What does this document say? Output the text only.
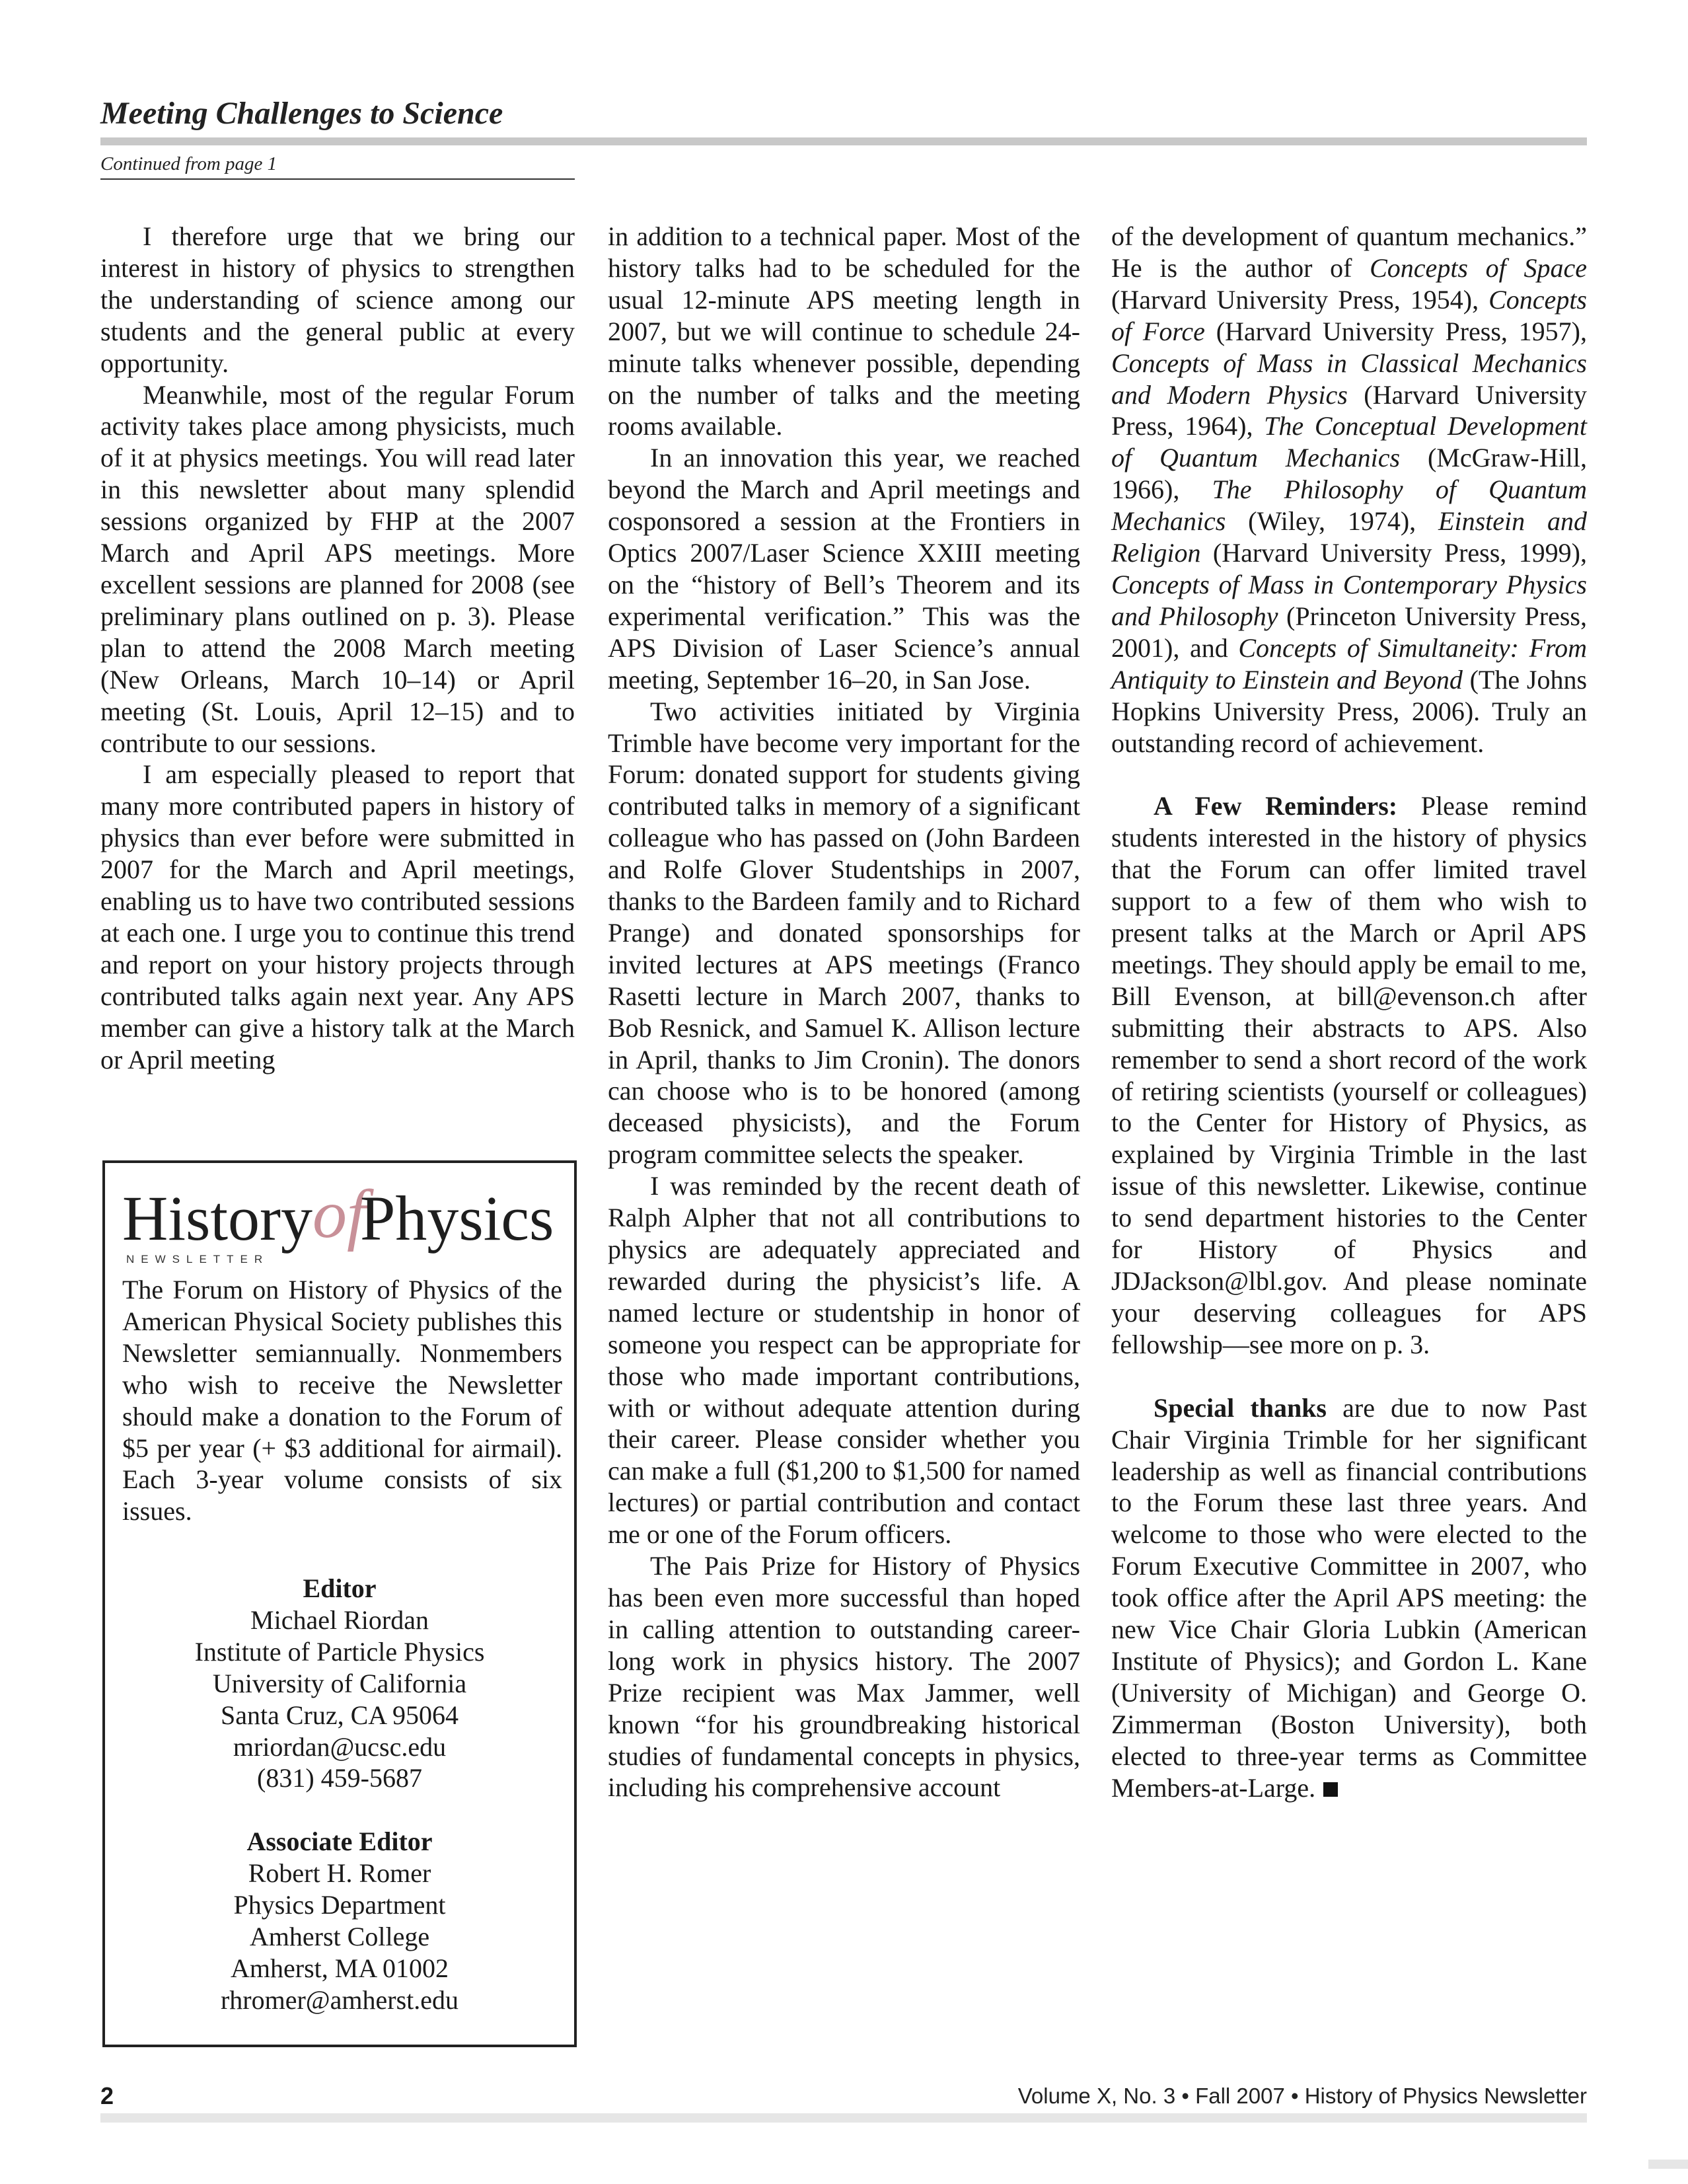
Meeting Challenges to Science
Continued from page 1

I therefore urge that we bring our interest in history of physics to strengthen the understanding of science among our students and the general public at every opportunity.

Meanwhile, most of the regular Forum activity takes place among physicists, much of it at physics meetings. You will read later in this newsletter about many splendid sessions organized by FHP at the 2007 March and April APS meetings. More excellent sessions are planned for 2008 (see preliminary plans outlined on p. 3). Please plan to attend the 2008 March meeting (New Orleans, March 10–14) or April meeting (St. Louis, April 12–15) and to contribute to our sessions.

I am especially pleased to report that many more contributed papers in history of physics than ever before were submitted in 2007 for the March and April meetings, enabling us to have two contributed sessions at each one. I urge you to continue this trend and report on your history projects through contributed talks again next year. Any APS member can give a history talk at the March or April meeting

in addition to a technical paper. Most of the history talks had to be scheduled for the usual 12-minute APS meeting length in 2007, but we will continue to schedule 24-minute talks whenever possible, depending on the number of talks and the meeting rooms available.

In an innovation this year, we reached beyond the March and April meetings and cosponsored a session at the Frontiers in Optics 2007/Laser Science XXIII meeting on the “history of Bell’s Theorem and its experimental verification.” This was the APS Division of Laser Science’s annual meeting, September 16–20, in San Jose.

Two activities initiated by Virginia Trimble have become very important for the Forum: donated support for students giving contributed talks in memory of a significant colleague who has passed on (John Bardeen and Rolfe Glover Studentships in 2007, thanks to the Bardeen family and to Richard Prange) and donated sponsorships for invited lectures at APS meetings (Franco Rasetti lecture in March 2007, thanks to Bob Resnick, and Samuel K. Allison lecture in April, thanks to Jim Cronin). The donors can choose who is to be honored (among deceased physicists), and the Forum program committee selects the speaker.

I was reminded by the recent death of Ralph Alpher that not all contributions to physics are adequately appreciated and rewarded during the physicist’s life. A named lecture or studentship in honor of someone you respect can be appropriate for those who made important contributions, with or without adequate attention during their career. Please consider whether you can make a full ($1,200 to $1,500 for named lectures) or partial contribution and contact me or one of the Forum officers.

The Pais Prize for History of Physics has been even more successful than hoped in calling attention to outstanding career-long work in physics history. The 2007 Prize recipient was Max Jammer, well known “for his groundbreaking historical studies of fundamental concepts in physics, including his comprehensive account

of the development of quantum mechanics.” He is the author of Concepts of Space (Harvard University Press, 1954), Concepts of Force (Harvard University Press, 1957), Concepts of Mass in Classical Mechanics and Modern Physics (Harvard University Press, 1964), The Conceptual Development of Quantum Mechanics (McGraw-Hill, 1966), The Philosophy of Quantum Mechanics (Wiley, 1974), Einstein and Religion (Harvard University Press, 1999), Concepts of Mass in Contemporary Physics and Philosophy (Princeton University Press, 2001), and Concepts of Simultaneity: From Antiquity to Einstein and Beyond (The Johns Hopkins University Press, 2006). Truly an outstanding record of achievement.

A Few Reminders: Please remind students interested in the history of physics that the Forum can offer limited travel support to a few of them who wish to present talks at the March or April APS meetings. They should apply be email to me, Bill Evenson, at bill@evenson.ch after submitting their abstracts to APS. Also remember to send a short record of the work of retiring scientists (yourself or colleagues) to the Center for History of Physics, as explained by Virginia Trimble in the last issue of this newsletter. Likewise, continue to send department histories to the Center for History of Physics and JDJackson@lbl.gov. And please nominate your deserving colleagues for APS fellowship—see more on p. 3.

Special thanks are due to now Past Chair Virginia Trimble for her significant leadership as well as financial contributions to the Forum these last three years. And welcome to those who were elected to the Forum Executive Committee in 2007, who took office after the April APS meeting: the new Vice Chair Gloria Lubkin (American Institute of Physics); and Gordon L. Kane (University of Michigan) and George O. Zimmerman (Boston University), both elected to three-year terms as Committee Members-at-Large.

History of
Physics
NEWSLETTER

The Forum on History of Physics of the American Physical Society publishes this Newsletter semiannually. Nonmembers who wish to receive the Newsletter should make a donation to the Forum of $5 per year (+ $3 additional for airmail). Each 3-year volume consists of six issues.

Editor
Michael Riordan
Institute of Particle Physics
University of California
Santa Cruz, CA 95064
mriordan@ucsc.edu
(831) 459-5687
Associate Editor
Robert H. Romer
Physics Department
Amherst College
Amherst, MA 01002
rhromer@amherst.edu
2	Volume X, No. 3 • Fall 2007 • History of Physics Newsletter
